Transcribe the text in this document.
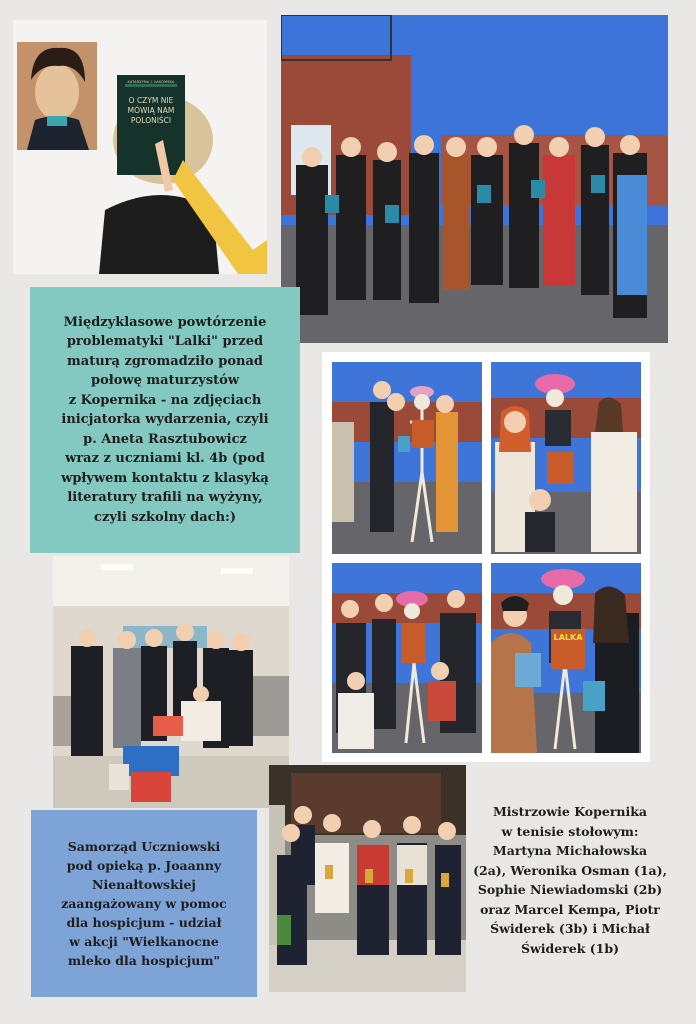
KATARZYNA J. ŁAKOMSKA
O CZYM NIE MÓWIĄ NAM POLONIŚCI
Międzyklasowe powtórzenie
problematyki "Lalki" przed
maturą zgromadziło ponad
połowę maturzystów
z Kopernika - na zdjęciach
inicjatorka wydarzenia, czyli
p. Aneta Rasztubowicz
wraz z uczniami kl. 4b (pod
wpływem kontaktu z klasyką
literatury trafili na wyżyny,
czyli szkolny dach:)
LALKA
Samorząd Uczniowski
pod opieką p. Joaanny
Nienałtowskiej
zaangażowany w pomoc
dla hospicjum - udział
w akcji "Wielkanocne
mleko dla hospicjum"
Mistrzowie Kopernika
w tenisie stołowym:
Martyna Michałowska
(2a), Weronika Osman (1a),
Sophie Niewiadomski (2b)
oraz Marcel Kempa, Piotr
Świderek (3b) i Michał
Świderek (1b)
